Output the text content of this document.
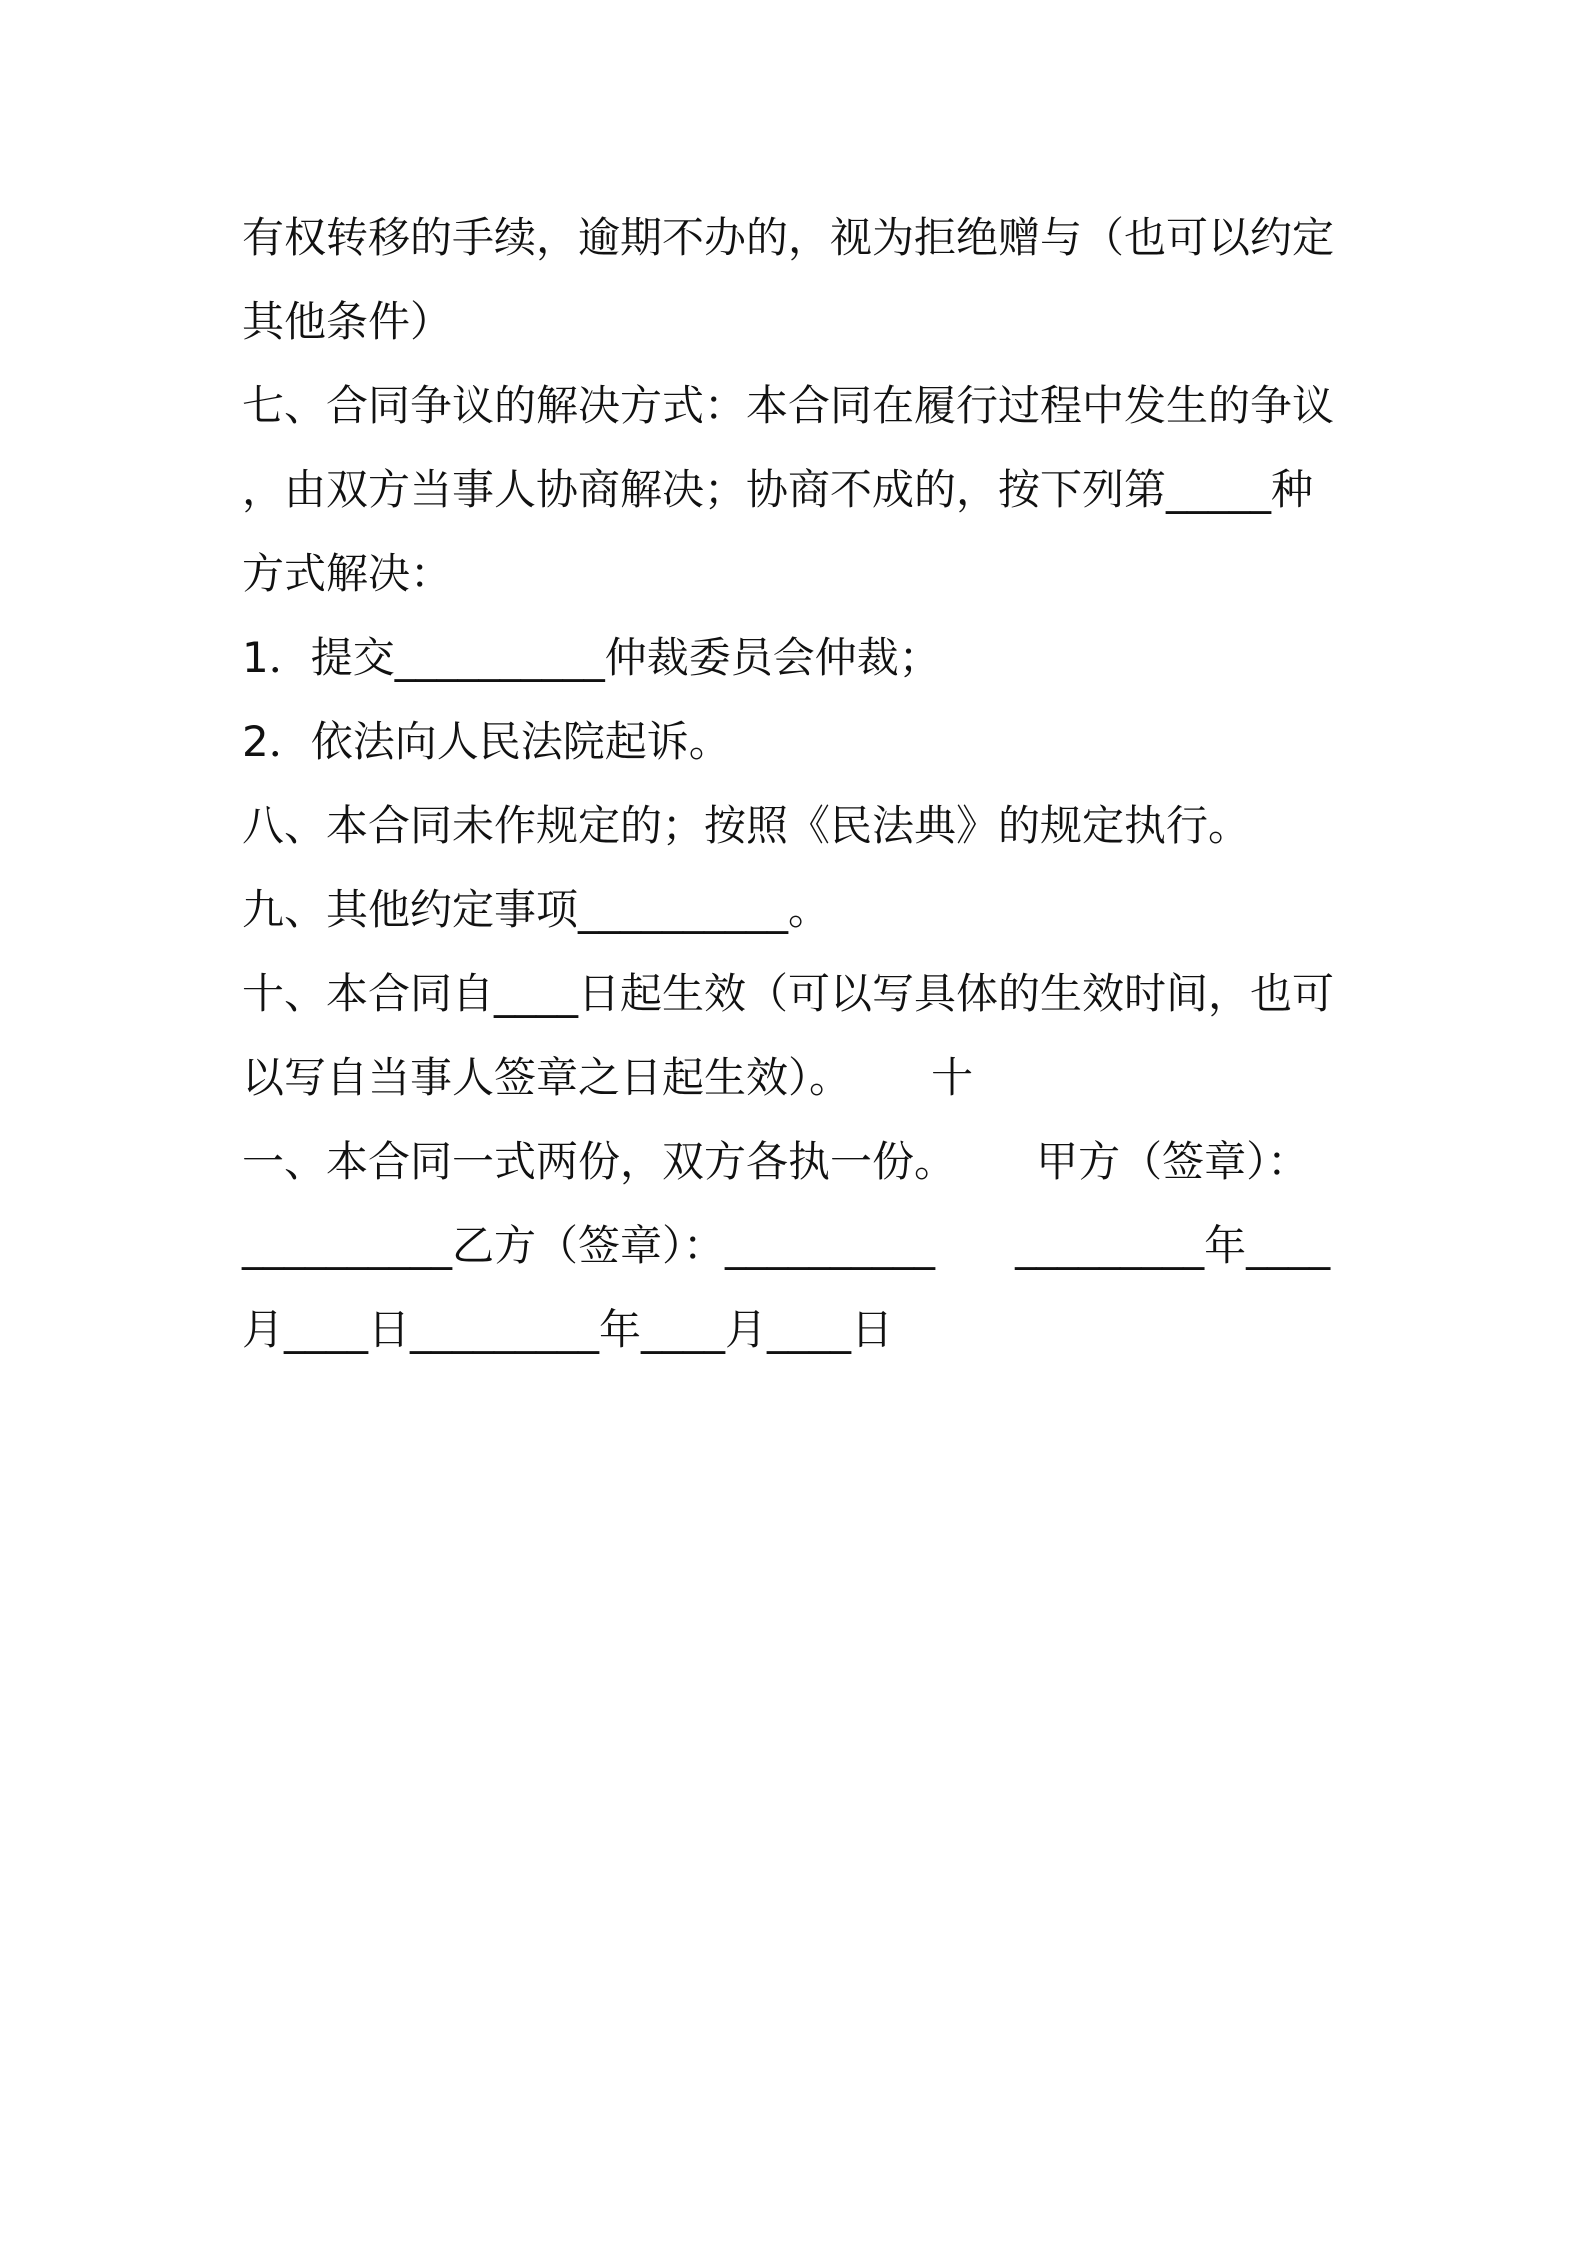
有权转移的手续，逾期不办的，视为拒绝赠与（也可以约定
其他条件）
七、合同争议的解决方式：本合同在履行过程中发生的争议
，由双方当事人协商解决；协商不成的，按下列第_____种
方式解决：
1．提交__________仲裁委员会仲裁；
2．依法向人民法院起诉。
八、本合同未作规定的；按照《民法典》的规定执行。
九、其他约定事项__________。
十、本合同自____日起生效（可以写具体的生效时间，也可
以写自当事人签章之日起生效）。      十
一、本合同一式两份，双方各执一份。      甲方（签章）：
__________乙方（签章）：__________      _________年____
月____日_________年____月____日
